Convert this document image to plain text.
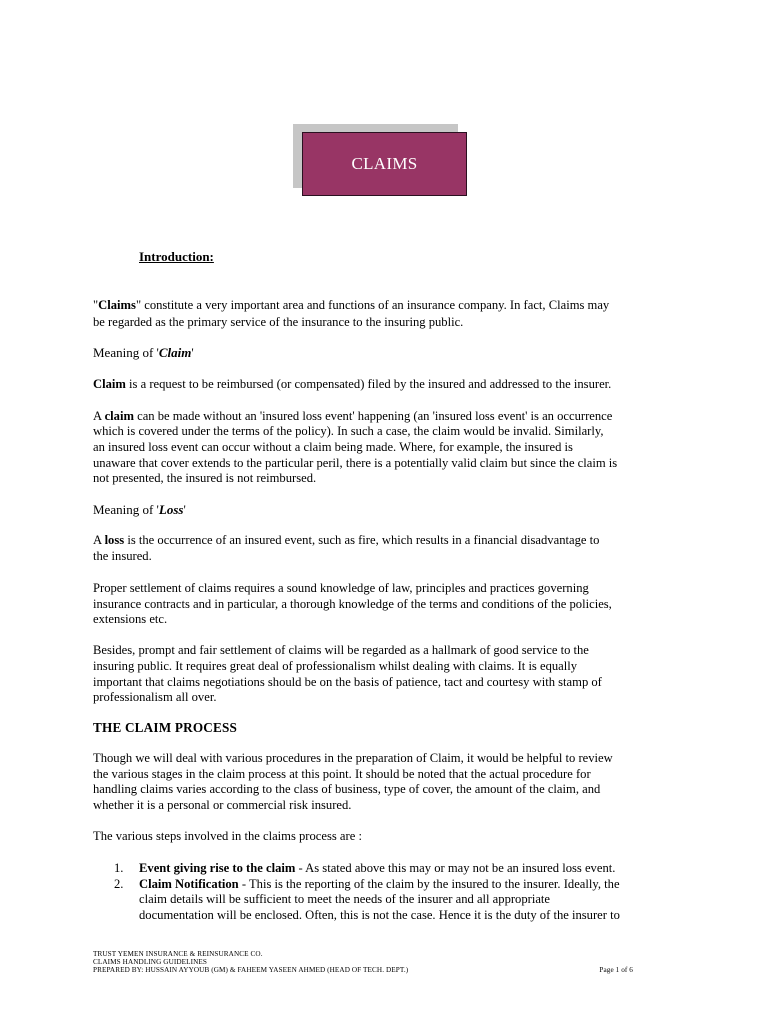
CLAIMS
Introduction:
"Claims" constitute a very important area and functions of an insurance company. In fact, Claims may
be regarded as the primary service of the insurance to the insuring public.
Meaning of 'Claim'
Claim is a request to be reimbursed (or compensated) filed by the insured and addressed to the insurer.
A claim can be made without an 'insured loss event' happening (an 'insured loss event' is an occurrence
which is covered under the terms of the policy). In such a case, the claim would be invalid. Similarly,
an insured loss event can occur without a claim being made. Where, for example, the insured is
unaware that cover extends to the particular peril, there is a potentially valid claim but since the claim is
not presented, the insured is not reimbursed.
Meaning of 'Loss'
A loss is the occurrence of an insured event, such as fire, which results in a financial disadvantage to
the insured.
Proper settlement of claims requires a sound knowledge of law, principles and practices governing
insurance contracts and in particular, a thorough knowledge of the terms and conditions of the policies,
extensions etc.
Besides, prompt and fair settlement of claims will be regarded as a hallmark of good service to the
insuring public. It requires great deal of professionalism whilst dealing with claims. It is equally
important that claims negotiations should be on the basis of patience, tact and courtesy with stamp of
professionalism all over.
THE CLAIM PROCESS
Though we will deal with various procedures in the preparation of Claim, it would be helpful to review
the various stages in the claim process at this point. It should be noted that the actual procedure for
handling claims varies according to the class of business, type of cover, the amount of the claim, and
whether it is a personal or commercial risk insured.
The various steps involved in the claims process are :
1. Event giving rise to the claim - As stated above this may or may not be an insured loss event.
2. Claim Notification - This is the reporting of the claim by the insured to the insurer. Ideally, the
claim details will be sufficient to meet the needs of the insurer and all appropriate
documentation will be enclosed. Often, this is not the case. Hence it is the duty of the insurer to
TRUST YEMEN INSURANCE & REINSURANCE CO.
CLAIMS HANDLING GUIDELINES
PREPARED BY: HUSSAIN AYYOUB (GM) & FAHEEM YASEEN AHMED (HEAD OF TECH. DEPT.)	Page 1 of 6
